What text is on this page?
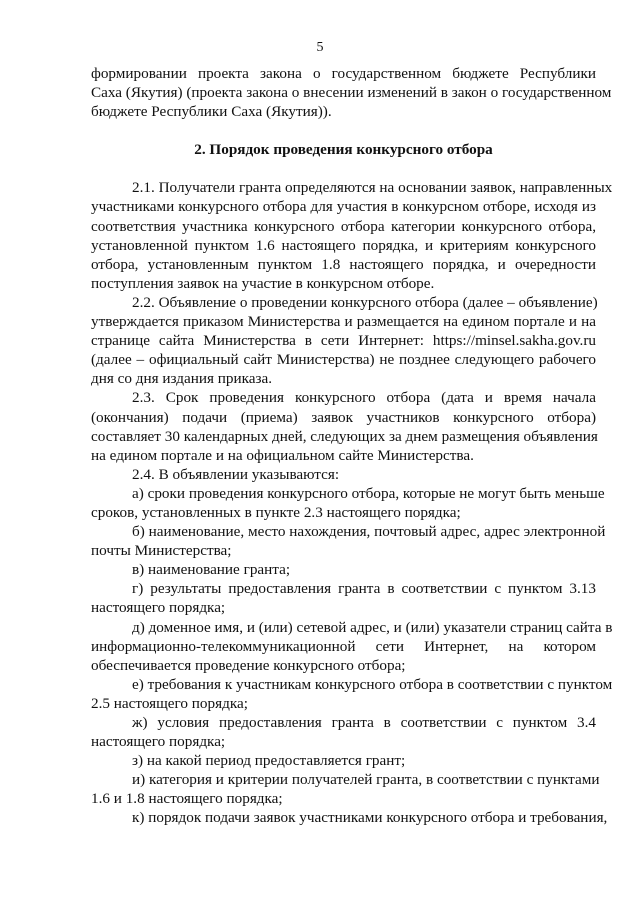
5
формировании проекта закона о государственном бюджете Республики
Саха (Якутия) (проекта закона о внесении изменений в закон о государственном
бюджете Республики Саха (Якутия)).
2. Порядок проведения конкурсного отбора
2.1. Получатели гранта определяются на основании заявок, направленных
участниками конкурсного отбора для участия в конкурсном отборе, исходя из
соответствия участника конкурсного отбора категории конкурсного отбора,
установленной пунктом 1.6 настоящего порядка, и критериям конкурсного
отбора, установленным пунктом 1.8 настоящего порядка, и очередности
поступления заявок на участие в конкурсном отборе.
2.2. Объявление о проведении конкурсного отбора (далее – объявление)
утверждается приказом Министерства и размещается на едином портале и на
странице сайта Министерства в сети Интернет: https://minsel.sakha.gov.ru
(далее – официальный сайт Министерства) не позднее следующего рабочего
дня со дня издания приказа.
2.3. Срок проведения конкурсного отбора (дата и время начала
(окончания) подачи (приема) заявок участников конкурсного отбора)
составляет 30 календарных дней, следующих за днем размещения объявления
на едином портале и на официальном сайте Министерства.
2.4. В объявлении указываются:
а) сроки проведения конкурсного отбора, которые не могут быть меньше
сроков, установленных в пункте 2.3 настоящего порядка;
б) наименование, место нахождения, почтовый адрес, адрес электронной
почты Министерства;
в) наименование гранта;
г) результаты предоставления гранта в соответствии с пунктом 3.13
настоящего порядка;
д) доменное имя, и (или) сетевой адрес, и (или) указатели страниц сайта в
информационно-телекоммуникационной сети Интернет, на котором
обеспечивается проведение конкурсного отбора;
е) требования к участникам конкурсного отбора в соответствии с пунктом
2.5 настоящего порядка;
ж) условия предоставления гранта в соответствии с пунктом 3.4
настоящего порядка;
з) на какой период предоставляется грант;
и) категория и критерии получателей гранта, в соответствии с пунктами
1.6 и 1.8 настоящего порядка;
к) порядок подачи заявок участниками конкурсного отбора и требования,
